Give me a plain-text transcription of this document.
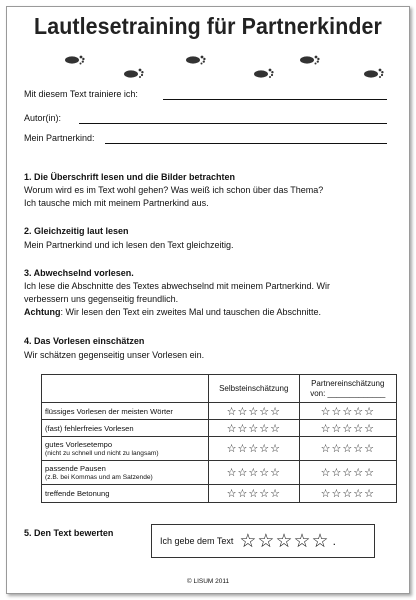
Lautlesetraining für Partnerkinder
Mit diesem Text trainiere ich:
Autor(in):
Mein Partnerkind:
1. Die Überschrift lesen und die Bilder betrachten
Worum wird es im Text wohl gehen? Was weiß ich schon über das Thema?
Ich tausche mich mit meinem Partnerkind aus.
2. Gleichzeitig laut lesen
Mein Partnerkind und ich lesen den Text gleichzeitig.
3. Abwechselnd vorlesen.
Ich lese die Abschnitte des Textes abwechselnd mit meinem Partnerkind. Wir
verbessern uns gegenseitig freundlich.
Achtung: Wir lesen den Text ein zweites Mal und tauschen die Abschnitte.
4. Das Vorlesen einschätzen
Wir schätzen gegenseitig unser Vorlesen ein.
	Selbsteinschätzung	Partnereinschätzung
von: _____________
flüssiges Vorlesen der meisten Wörter	☆☆☆☆☆	☆☆☆☆☆
(fast) fehlerfreies Vorlesen	☆☆☆☆☆	☆☆☆☆☆
gutes Vorlesetempo
(nicht zu schnell und nicht zu langsam)	☆☆☆☆☆	☆☆☆☆☆
passende Pausen
(z.B. bei Kommas und am Satzende)	☆☆☆☆☆	☆☆☆☆☆
treffende Betonung	☆☆☆☆☆	☆☆☆☆☆
5. Den Text bewerten
Ich gebe dem Text ☆☆☆☆☆ .
© LISUM 2011
